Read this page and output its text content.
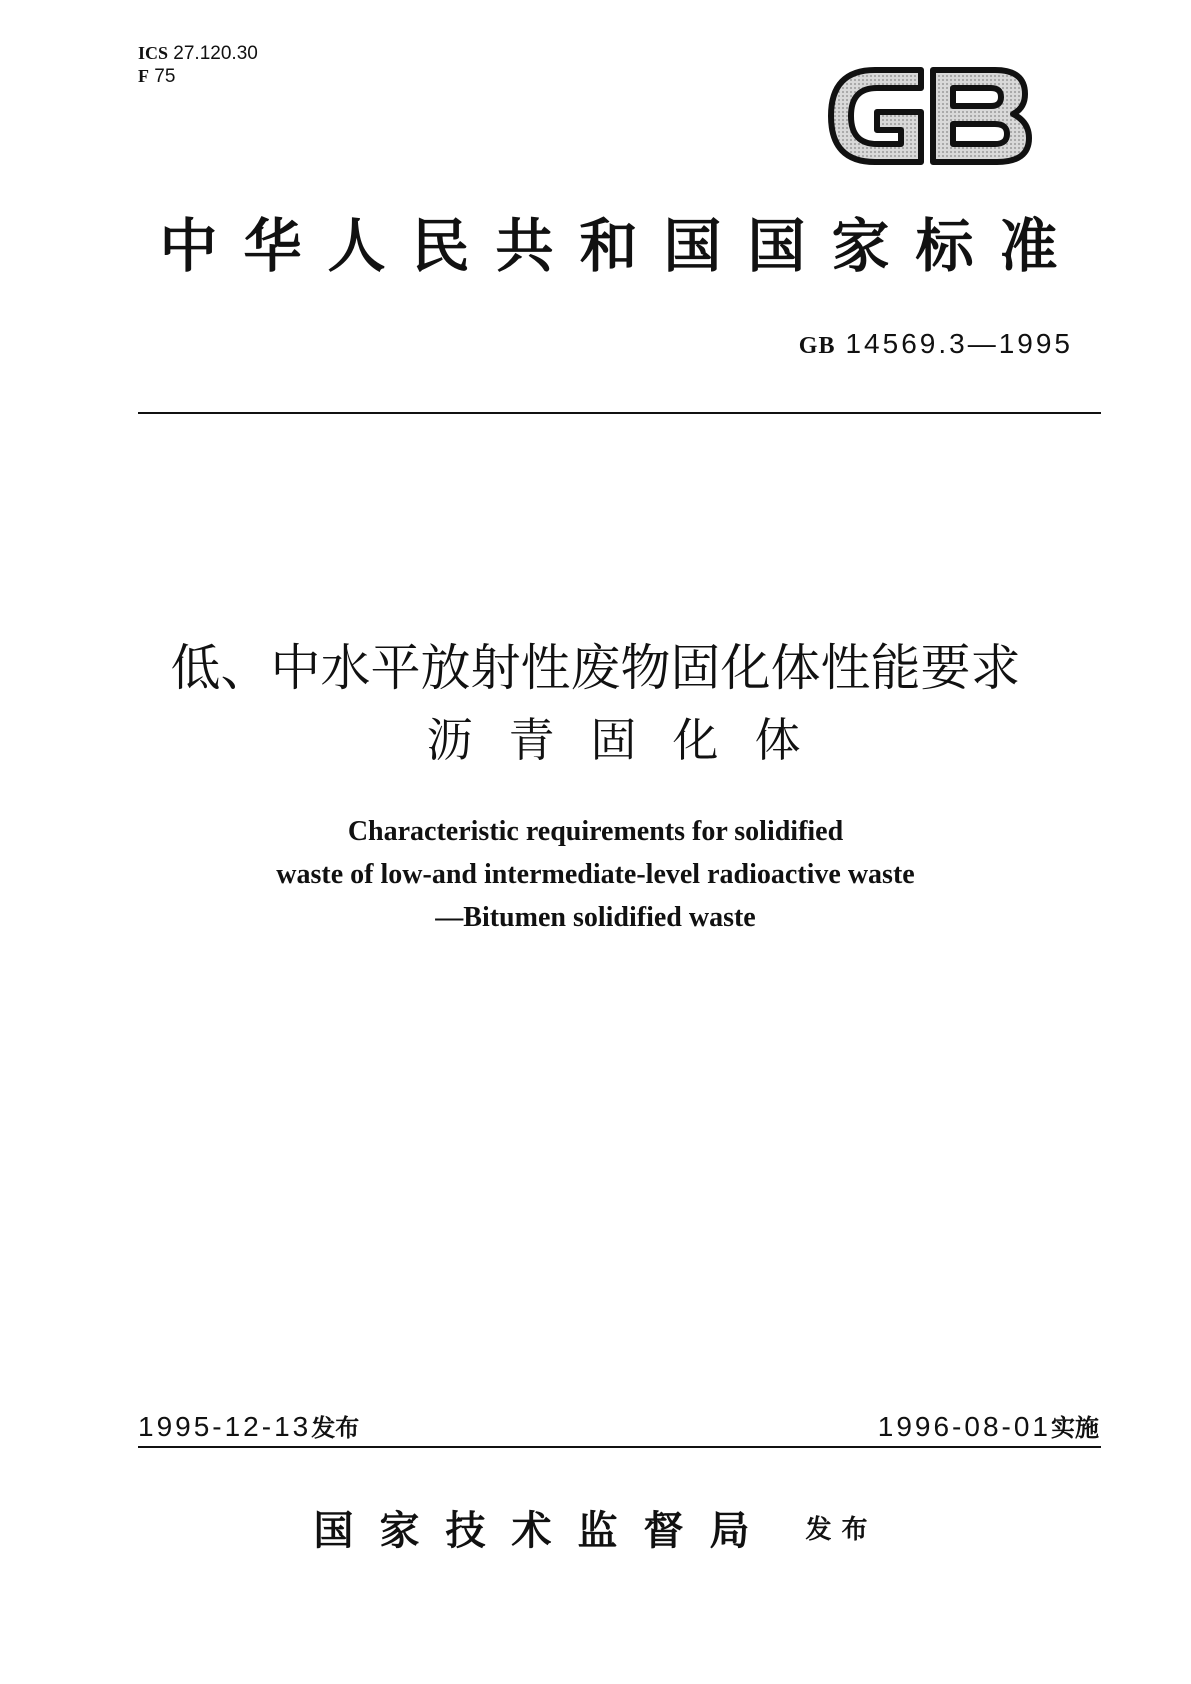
ICS 27.120.30
F 75
中华人民共和国国家标准
GB 14569.3—1995
低、中水平放射性废物固化体性能要求
沥青固化体
Characteristic requirements for solidified
waste of low-and intermediate-level radioactive waste
—Bitumen solidified waste
1995-12-13发布	1996-08-01实施
国家技术监督局 发布
